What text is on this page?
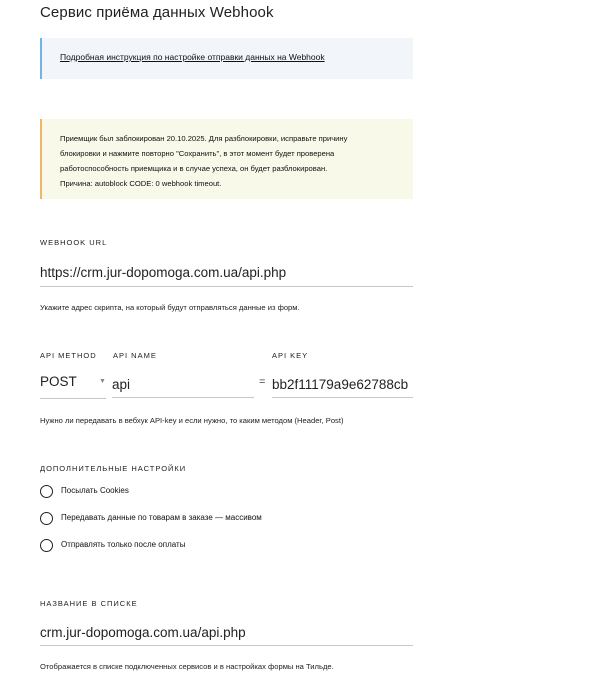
Сервис приёма данных Webhook
Подробная инструкция по настройке отправки данных на Webhook
Приемщик был заблокирован 20.10.2025. Для разблокировки, исправьте причину
блокировки и нажмите повторно "Сохранить", в этот момент будет проверена
работоспособность приемщика и в случае успеха, он будет разблокирован.
Причина: autoblock CODE: 0 webhook timeout.
WEBHOOK URL
https://crm.jur-dopomoga.com.ua/api.php
Укажите адрес скрипта, на который будут отправляться данные из форм.
API METHOD
POST	▼
API NAME
api
=
API KEY
bb2f11179a9e62788cb
Нужно ли передавать в вебхук API-key и если нужно, то каким методом (Header, Post)
ДОПОЛНИТЕЛЬНЫЕ НАСТРОЙКИ
Посылать Cookies
Передавать данные по товарам в заказе — массивом
Отправлять только после оплаты
НАЗВАНИЕ В СПИСКЕ
crm.jur-dopomoga.com.ua/api.php
Отображается в списке подключенных сервисов и в настройках формы на Тильде.
